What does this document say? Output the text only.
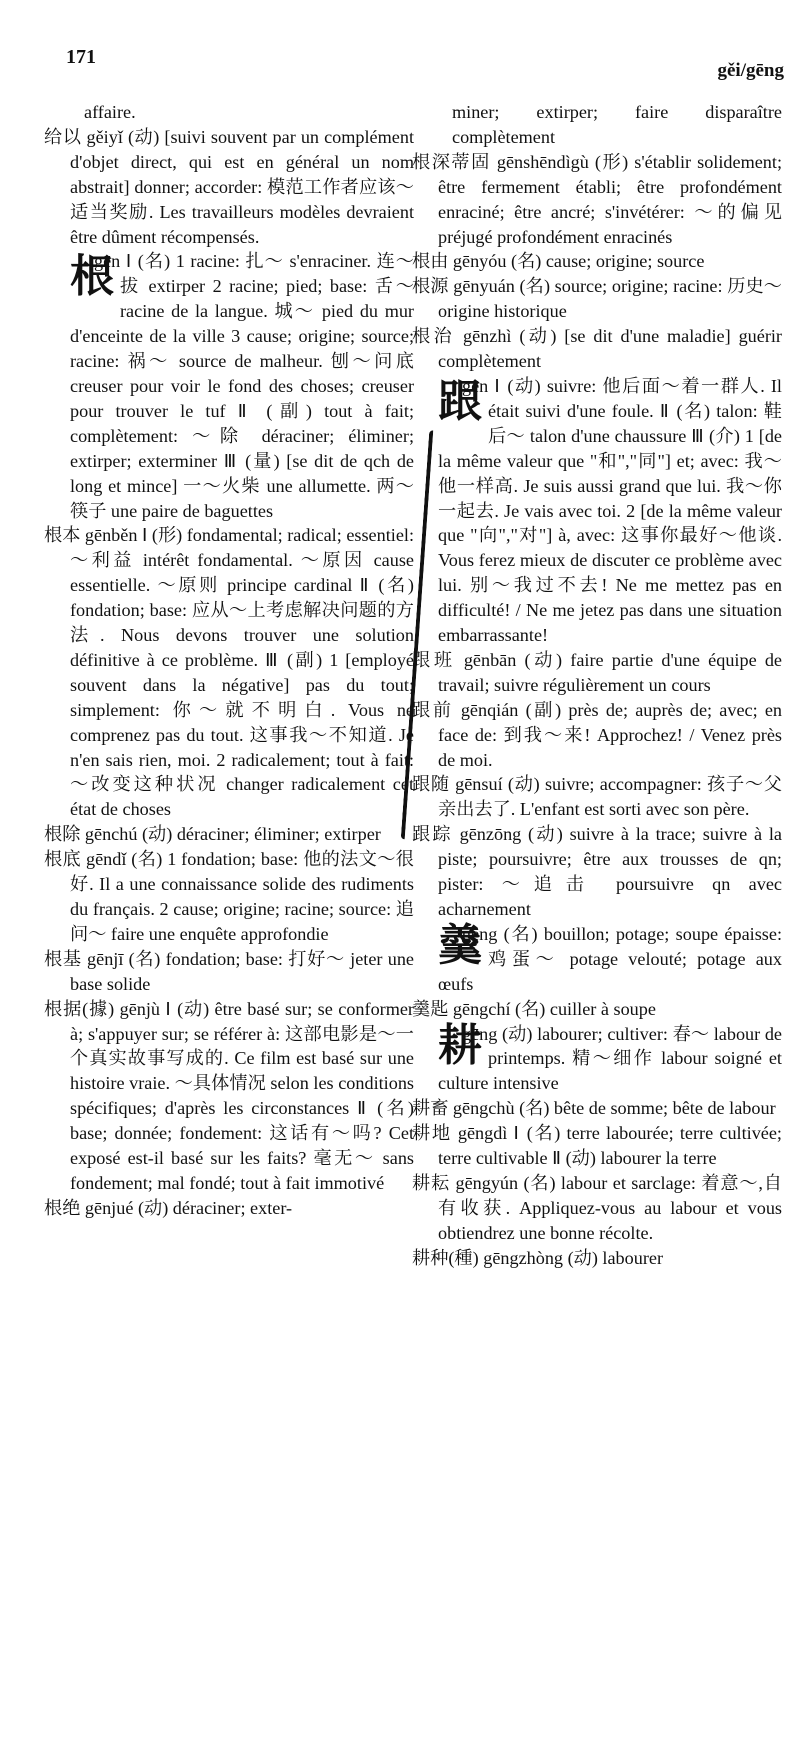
171
gěi/gēng

affaire.

给以 gěiyǐ (动) [suivi souvent par un complément d'objet direct, qui est en général un nom abstrait] donner; accorder: 模范工作者应该～适当奖励. Les travailleurs modèles devraient être dûment récompensés.

根
gēn Ⅰ (名) 1 racine: 扎～ s'enraciner. 连～拔 extirper 2 racine; pied; base: 舌～ racine de la langue. 城～ pied du mur d'enceinte de la ville 3 cause; origine; source; racine: 祸～ source de malheur. 刨～问底 creuser pour voir le fond des choses; creuser pour trouver le tuf Ⅱ (副) tout à fait; complètement: ～除 déraciner; éliminer; extirper; exterminer Ⅲ (量) [se dit de qch de long et mince] 一～火柴 une allumette. 两～筷子 une paire de baguettes

根本 gēnběn Ⅰ (形) fondamental; radical; essentiel: ～利益 intérêt fondamental. ～原因 cause essentielle. ～原则 principe cardinal Ⅱ (名) fondation; base: 应从～上考虑解决问题的方法. Nous devons trouver une solution définitive à ce problème. Ⅲ (副) 1 [employé souvent dans la négative] pas du tout; simplement: 你～就不明白. Vous ne comprenez pas du tout. 这事我～不知道. Je n'en sais rien, moi. 2 radicalement; tout à fait: ～改变这种状况 changer radicalement cet état de choses

根除 gēnchú (动) déraciner; éliminer; extirper

根底 gēndǐ (名) 1 fondation; base: 他的法文～很好. Il a une connaissance solide des rudiments du français. 2 cause; origine; racine; source: 追问～ faire une enquête approfondie

根基 gēnjī (名) fondation; base: 打好～ jeter une base solide

根据(據) gēnjù Ⅰ (动) être basé sur; se conformer à; s'appuyer sur; se référer à: 这部电影是～一个真实故事写成的. Ce film est basé sur une histoire vraie. ～具体情况 selon les conditions spécifiques; d'après les circonstances Ⅱ (名) base; donnée; fondement: 这话有～吗? Cet exposé est-il basé sur les faits? 毫无～ sans fondement; mal fondé; tout à fait immotivé

根绝 gēnjué (动) déraciner; exter-

miner; extirper; faire disparaître complètement

根深蒂固 gēnshēndìgù (形) s'établir solidement; être fermement établi; être profondément enraciné; être ancré; s'invétérer: ～的偏见 préjugé profondément enracinés

根由 gēnyóu (名) cause; origine; source

根源 gēnyuán (名) source; origine; racine: 历史～ origine historique

根治 gēnzhì (动) [se dit d'une maladie] guérir complètement

跟
gēn Ⅰ (动) suivre: 他后面～着一群人. Il était suivi d'une foule. Ⅱ (名) talon: 鞋后～ talon d'une chaussure Ⅲ (介) 1 [de la même valeur que "和","同"] et; avec: 我～他一样高. Je suis aussi grand que lui. 我～你一起去. Je vais avec toi. 2 [de la même valeur que "向","对"] à, avec: 这事你最好～他谈. Vous ferez mieux de discuter ce problème avec lui. 别～我过不去! Ne me mettez pas en difficulté! / Ne me jetez pas dans une situation embarrassante!

跟班 gēnbān (动) faire partie d'une équipe de travail; suivre régulièrement un cours

跟前 gēnqián (副) près de; auprès de; avec; en face de: 到我～来! Approchez! / Venez près de moi.

跟随 gēnsuí (动) suivre; accompagner: 孩子～父亲出去了. L'enfant est sorti avec son père.

跟踪 gēnzōng (动) suivre à la trace; suivre à la piste; poursuivre; être aux trousses de qn; pister: ～追击 poursuivre qn avec acharnement

羹
gēng (名) bouillon; potage; soupe épaisse: 鸡蛋～ potage velouté; potage aux œufs

羹匙 gēngchí (名) cuiller à soupe

耕
gēng (动) labourer; cultiver: 春～ labour de printemps. 精～细作 labour soigné et culture intensive

耕畜 gēngchù (名) bête de somme; bête de labour

耕地 gēngdì Ⅰ (名) terre labourée; terre cultivée; terre cultivable Ⅱ (动) labourer la terre

耕耘 gēngyún (名) labour et sarclage: 着意～,自有收获. Appliquez-vous au labour et vous obtiendrez une bonne récolte.

耕种(種) gēngzhòng (动) labourer
